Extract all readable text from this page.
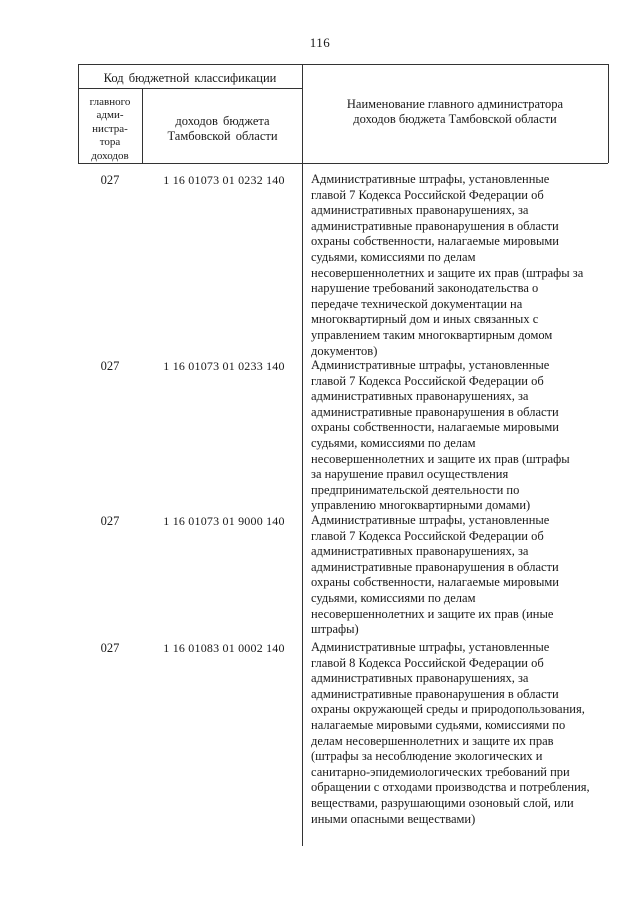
116
Код бюджетной классификации
главного
адми-
нистра-
тора
доходов
доходов бюджета
Тамбовской области
Наименование главного администратора
доходов бюджета Тамбовской области
027	1 16 01073 01 0232 140	Административные штрафы, установленные
главой 7 Кодекса Российской Федерации об
административных правонарушениях, за
административные правонарушения в области
охраны собственности, налагаемые мировыми
судьями, комиссиями по делам
несовершеннолетних и защите их прав (штрафы за
нарушение требований законодательства о
передаче технической документации на
многоквартирный дом и иных связанных с
управлением таким многоквартирным домом
документов)
027	1 16 01073 01 0233 140	Административные штрафы, установленные
главой 7 Кодекса Российской Федерации об
административных правонарушениях, за
административные правонарушения в области
охраны собственности, налагаемые мировыми
судьями, комиссиями по делам
несовершеннолетних и защите их прав (штрафы
за нарушение правил осуществления
предпринимательской деятельности по
управлению многоквартирными домами)
027	1 16 01073 01 9000 140	Административные штрафы, установленные
главой 7 Кодекса Российской Федерации об
административных правонарушениях, за
административные правонарушения в области
охраны собственности, налагаемые мировыми
судьями, комиссиями по делам
несовершеннолетних и защите их прав (иные
штрафы)
027	1 16 01083 01 0002 140	Административные штрафы, установленные
главой 8 Кодекса Российской Федерации об
административных правонарушениях, за
административные правонарушения в области
охраны окружающей среды и природопользования,
налагаемые мировыми судьями, комиссиями по
делам несовершеннолетних и защите их прав
(штрафы за несоблюдение экологических и
санитарно-эпидемиологических требований при
обращении с отходами производства и потребления,
веществами, разрушающими озоновый слой, или
иными опасными веществами)
